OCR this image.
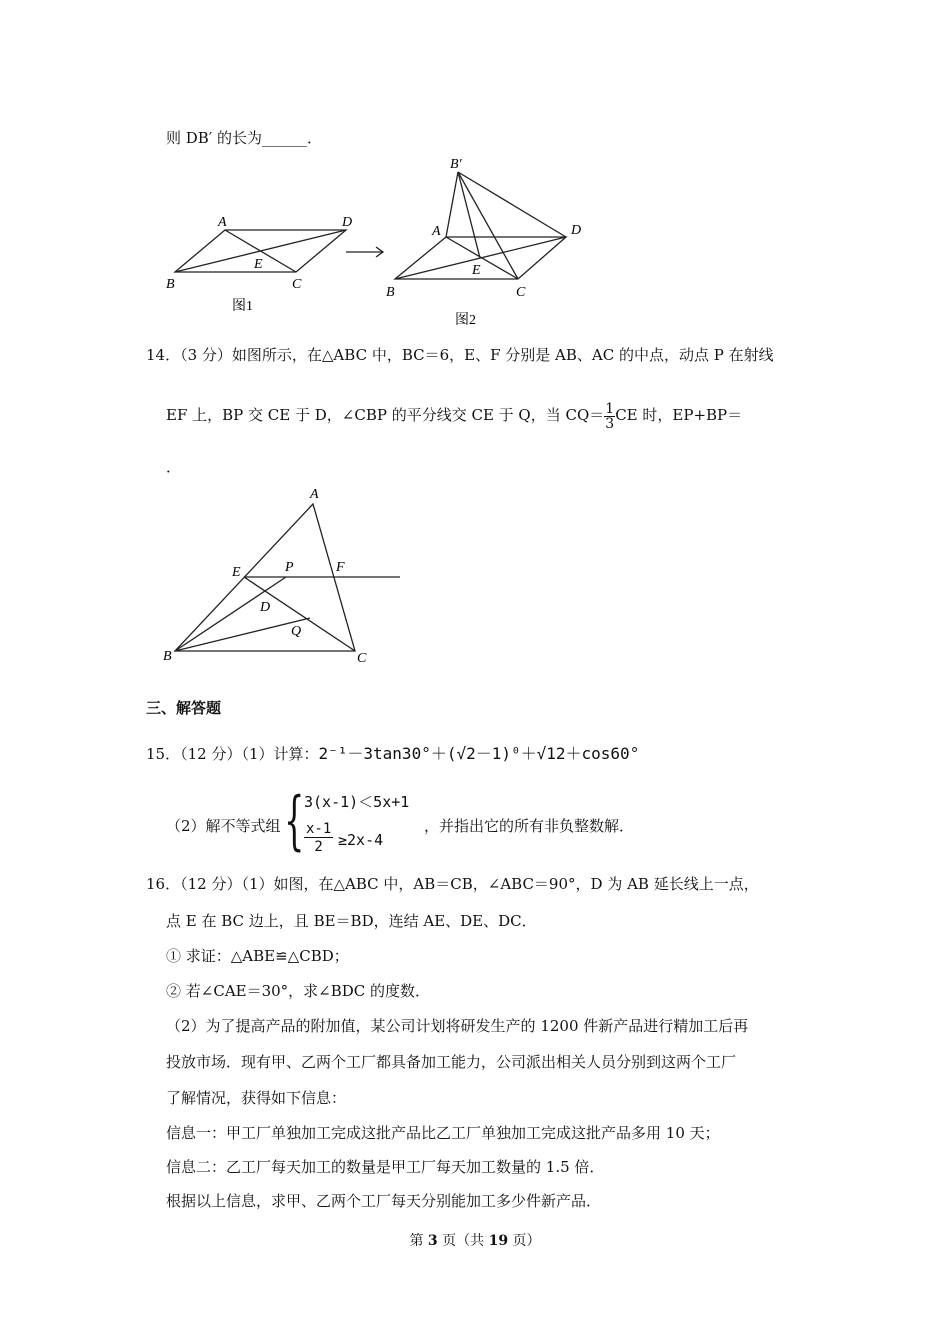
则 DB′ 的长为______．
A	D
E
B	C
图1
B′
A	D
E
B	C
图2
14．（3 分）如图所示，在△ABC 中，BC＝6，E、F 分别是 AB、AC 的中点，动点 P 在射线
EF 上，BP 交 CE 于 D，∠CBP 的平分线交 CE 于 Q，当 $CQ= \frac{1}{3}$ CE 时，EP+BP＝
．
A
E	P	F
D
Q
B	C
三、解答题
15．（12 分）（1）计算：2⁻¹－3tan30°＋(√2－1)⁰＋√12＋cos60°
（2）解不等式组 { 3(x-1)＜5x+1
$\frac{x-1}{2} \ge 2x-4$
，并指出它的所有非负整数解．
16．（12 分）（1）如图，在△ABC 中，AB＝CB，∠ABC＝90°，D 为 AB 延长线上一点，
点 E 在 BC 边上，且 BE＝BD，连结 AE、DE、DC．
① 求证：△ABE≌△CBD；
② 若∠CAE＝30°，求∠BDC 的度数．
（2）为了提高产品的附加值，某公司计划将研发生产的 1200 件新产品进行精加工后再
投放市场．现有甲、乙两个工厂都具备加工能力，公司派出相关人员分别到这两个工厂
了解情况，获得如下信息：
信息一：甲工厂单独加工完成这批产品比乙工厂单独加工完成这批产品多用 10 天；
信息二：乙工厂每天加工的数量是甲工厂每天加工数量的 1.5 倍．
根据以上信息，求甲、乙两个工厂每天分别能加工多少件新产品．
第 3 页（共 19 页）
